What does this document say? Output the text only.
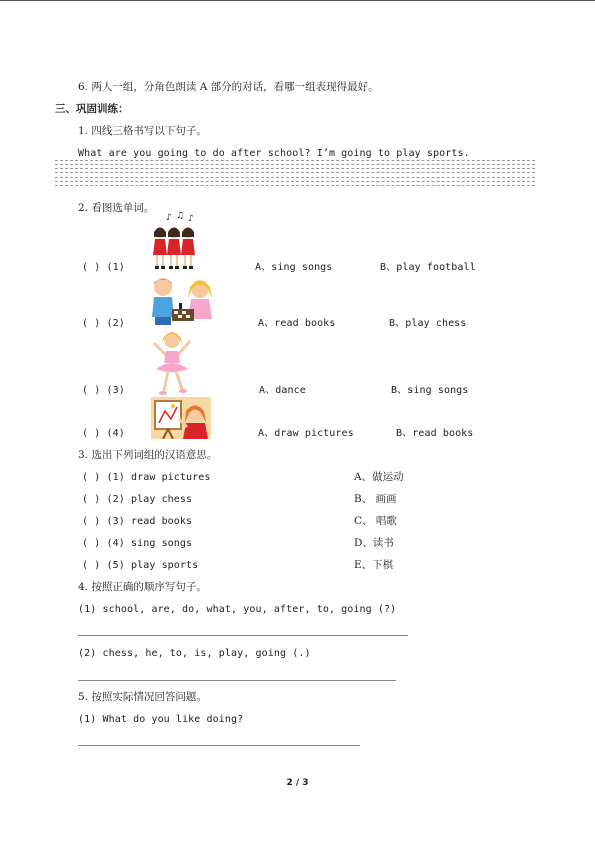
6. 两人一组，分角色朗读 A 部分的对话，看哪一组表现得最好。
三、巩固训练：
1. 四线三格书写以下句子。
What are you going to do after school? I’m going to play sports.
2. 看图选单词。
♪ ♫ ♪
( ) (1)	A、sing songs	B、play football
( ) (2)	A、read books	B、play chess
( ) (3)	A、dance	B、sing songs
( ) (4)	A、draw pictures	B、read books
3. 选出下列词组的汉语意思。
( ) (1) draw pictures	A、做运动
( ) (2) play chess	B、 画画
( ) (3) read books	C、 唱歌
( ) (4) sing songs	D、读书
( ) (5) play sports	E、下棋
4. 按照正确的顺序写句子。
(1) school, are, do, what, you, after, to, going (?)
(2) chess, he, to, is, play, going (.)
5. 按照实际情况回答问题。
(1) What do you like doing?
2 / 3
